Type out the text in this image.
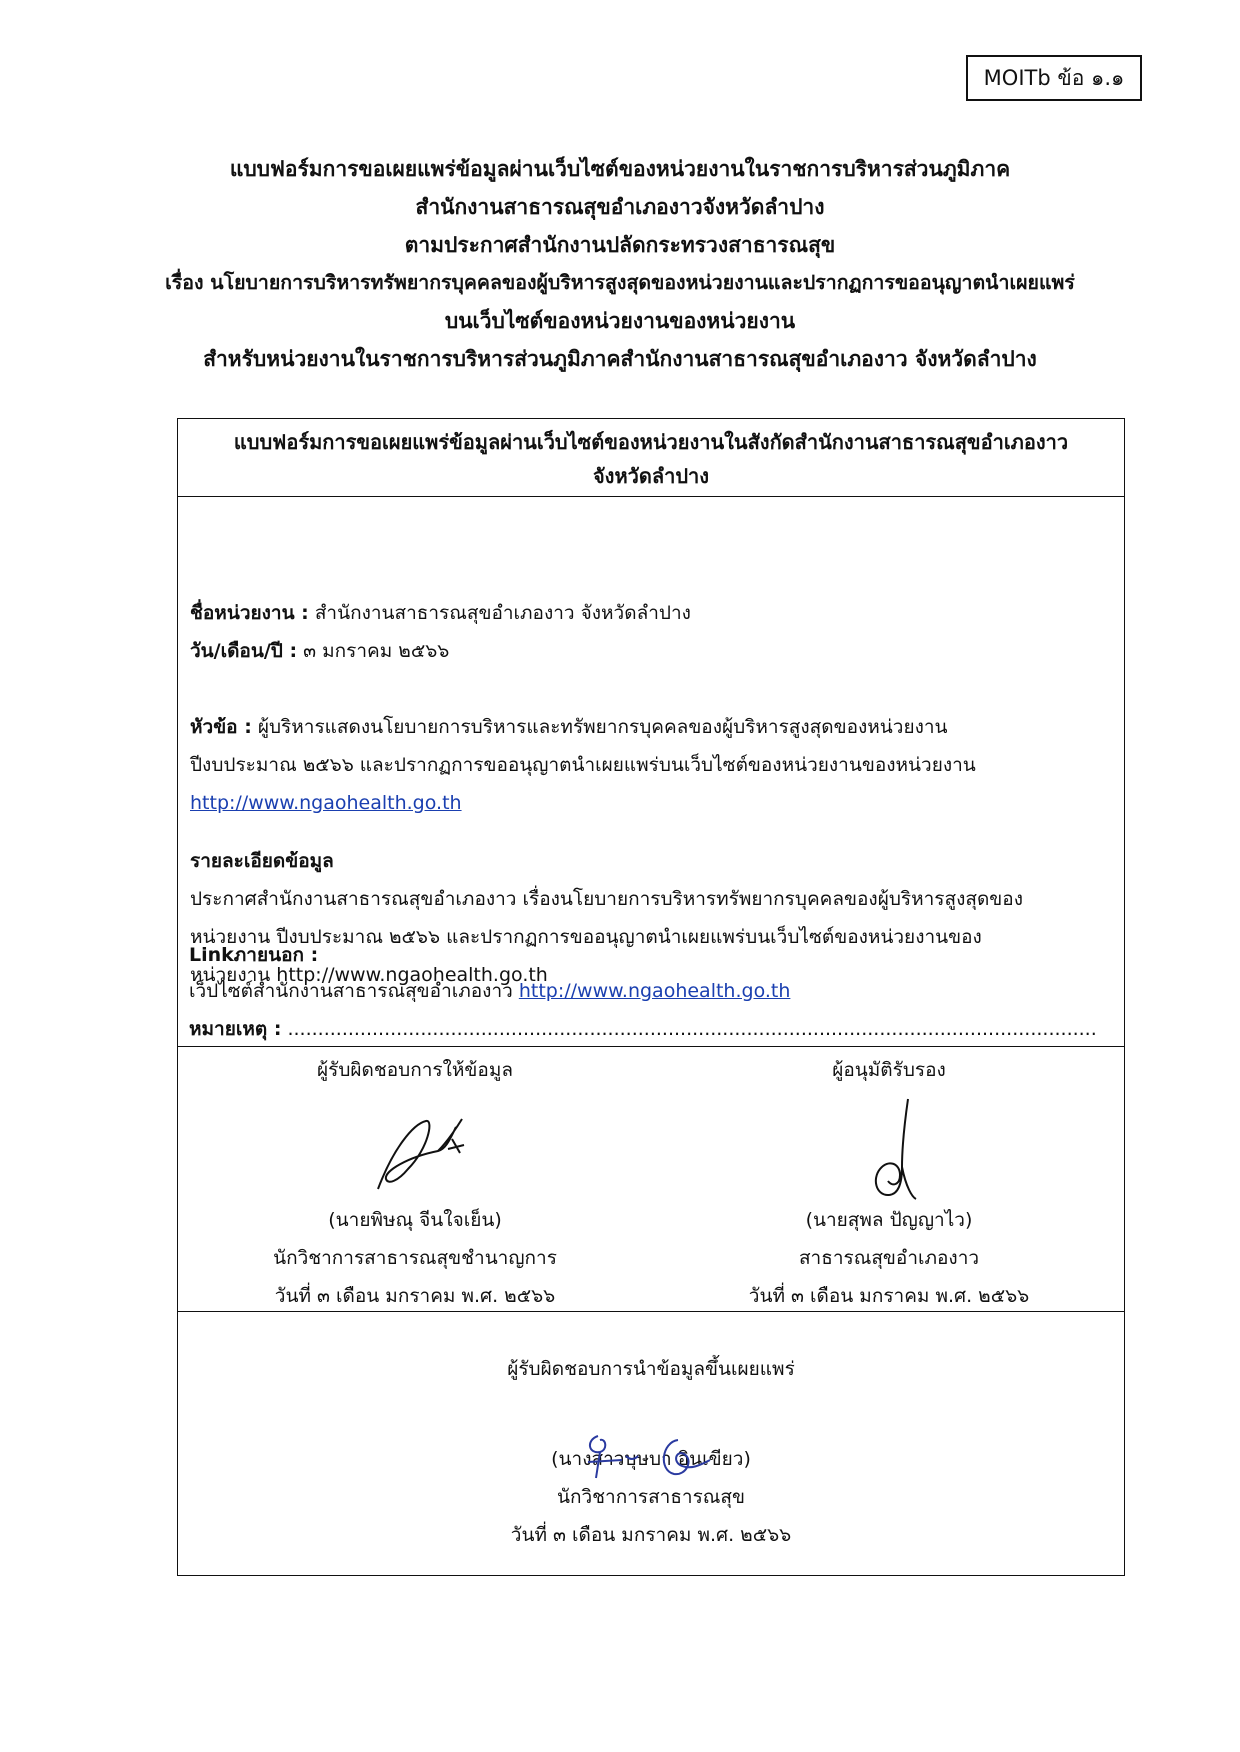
MOITb ข้อ ๑.๑
แบบฟอร์มการขอเผยแพร่ข้อมูลผ่านเว็บไซต์ของหน่วยงานในราชการบริหารส่วนภูมิภาค
สำนักงานสาธารณสุขอำเภองาวจังหวัดลำปาง
ตามประกาศสำนักงานปลัดกระทรวงสาธารณสุข
เรื่อง นโยบายการบริหารทรัพยากรบุคคลของผู้บริหารสูงสุดของหน่วยงานและปรากฏการขออนุญาตนำเผยแพร่
บนเว็บไซต์ของหน่วยงานของหน่วยงาน
สำหรับหน่วยงานในราชการบริหารส่วนภูมิภาคสำนักงานสาธารณสุขอำเภองาว จังหวัดลำปาง
แบบฟอร์มการขอเผยแพร่ข้อมูลผ่านเว็บไซต์ของหน่วยงานในสังกัดสำนักงานสาธารณสุขอำเภองาว
จังหวัดลำปาง
ชื่อหน่วยงาน : สำนักงานสาธารณสุขอำเภองาว จังหวัดลำปาง
วัน/เดือน/ปี : ๓ มกราคม ๒๕๖๖
หัวข้อ : ผู้บริหารแสดงนโยบายการบริหารและทรัพยากรบุคคลของผู้บริหารสูงสุดของหน่วยงาน
ปีงบประมาณ ๒๕๖๖ และปรากฏการขออนุญาตนำเผยแพร่บนเว็บไซต์ของหน่วยงานของหน่วยงาน
http://www.ngaohealth.go.th
รายละเอียดข้อมูล
ประกาศสำนักงานสาธารณสุขอำเภองาว เรื่องนโยบายการบริหารทรัพยากรบุคคลของผู้บริหารสูงสุดของ
หน่วยงาน ปีงบประมาณ ๒๕๖๖ และปรากฏการขออนุญาตนำเผยแพร่บนเว็บไซต์ของหน่วยงานของ
หน่วยงาน http://www.ngaohealth.go.th
ผู้รับผิดชอบการให้ข้อมูล
(นายพิษณุ จีนใจเย็น)
นักวิชาการสาธารณสุขชำนาญการ
วันที่ ๓ เดือน มกราคม พ.ศ. ๒๕๖๖
ผู้อนุมัติรับรอง
(นายสุพล ปัญญาไว)
สาธารณสุขอำเภองาว
วันที่ ๓ เดือน มกราคม พ.ศ. ๒๕๖๖
ผู้รับผิดชอบการนำข้อมูลขึ้นเผยแพร่
(นางสาวบุษบา อินเขียว)
นักวิชาการสาธารณสุข
วันที่ ๓ เดือน มกราคม พ.ศ. ๒๕๖๖
Linkภายนอก :
เว็ปไซต์สำนักงานสาธารณสุขอำเภองาว http://www.ngaohealth.go.th
หมายเหตุ : ......................................................................................................................................
